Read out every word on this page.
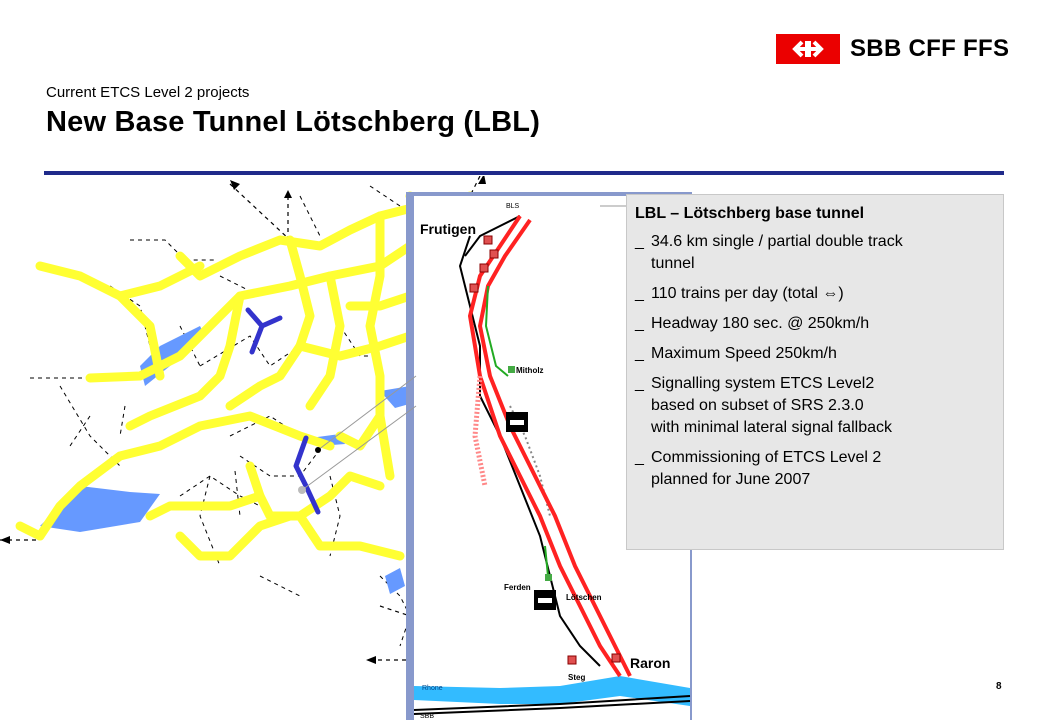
SBB CFF FFS
Current ETCS Level 2 projects
New Base Tunnel Lötschberg (LBL)
Frutigen
BLS
Mitholz
Ferden
Lötschen
Raron
Steg
Rhone
SBB
LBL – Lötschberg base tunnel
_ 34.6 km single / partial double track
tunnel
_ 110 trains per day (total ⇔)
_ Headway 180 sec. @ 250km/h
_ Maximum Speed 250km/h
_ Signalling system ETCS Level2
based on subset of SRS 2.3.0
with minimal lateral signal fallback
_ Commissioning of ETCS Level 2
planned for June 2007
8
